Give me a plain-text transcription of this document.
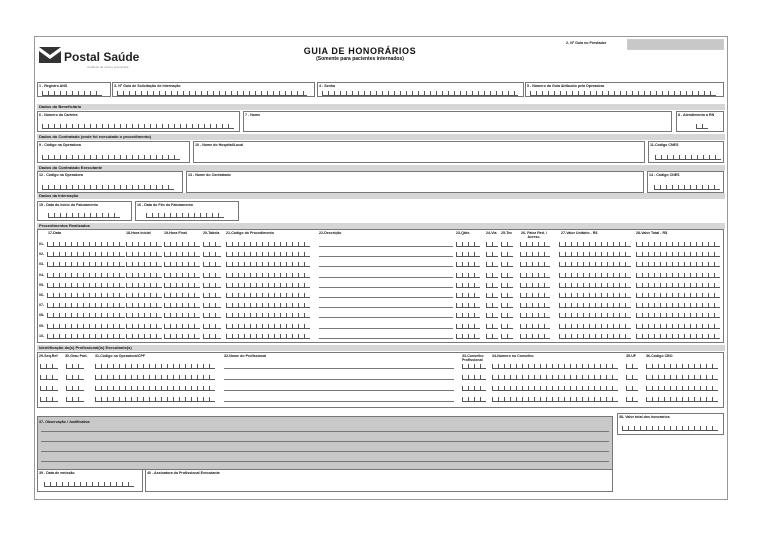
Postal Saúde
cuidando de você e sua família
GUIA DE HONORÁRIOS
(Somente para pacientes internados)
2- Nº Guia no Prestador
1 - Registro ANS	3- Nº Guia de Solicitação de Internação	4 - Senha	5 - Número da Guia Atribuído pela Operadora
Dados do Beneficiário
6 - Número da Carteira	7 - Nome	8 - Atendimento a RN
Dados do Contratado (onde foi executado o procedimento)
9 - Código na Operadora	10 - Nome do Hospital/Local	11-Código CNES
Dados do Contratado Executante
12 - Código na Operadora	13 - Nome do Contratado	14 - Código CNES
Dados da Internação
15 - Data do Início do Faturamento	16 - Data do Fim do Faturamento
Procedimentos Realizados
17-Data	18-Hora Inicial	19-Hora Final	20-Tabela 21-Código do Procedimento	22-Descrição	23-Qtde.	24-Via 25-Tec 26- Fator Red. / Acresc.
27-Valor Unitário - R$	28-Valor Total - R$
01-
02-
03-
04-
05-
06-
07-
08-
09-
10-
Identificação do(s) Profissional(is) Executante(s)
29-Seq.Ref 30-Grau Part. 31-Código na Operadora/CPF	32-Nome do Profissional	33-Conselho Profissional
34-Número no Conselho	35-UF	36-Código CBO
37- Observação / Justificativa
38- Valor total dos honorários
39 - Data de emissão	40 - Assinatura do Profissional Executante
